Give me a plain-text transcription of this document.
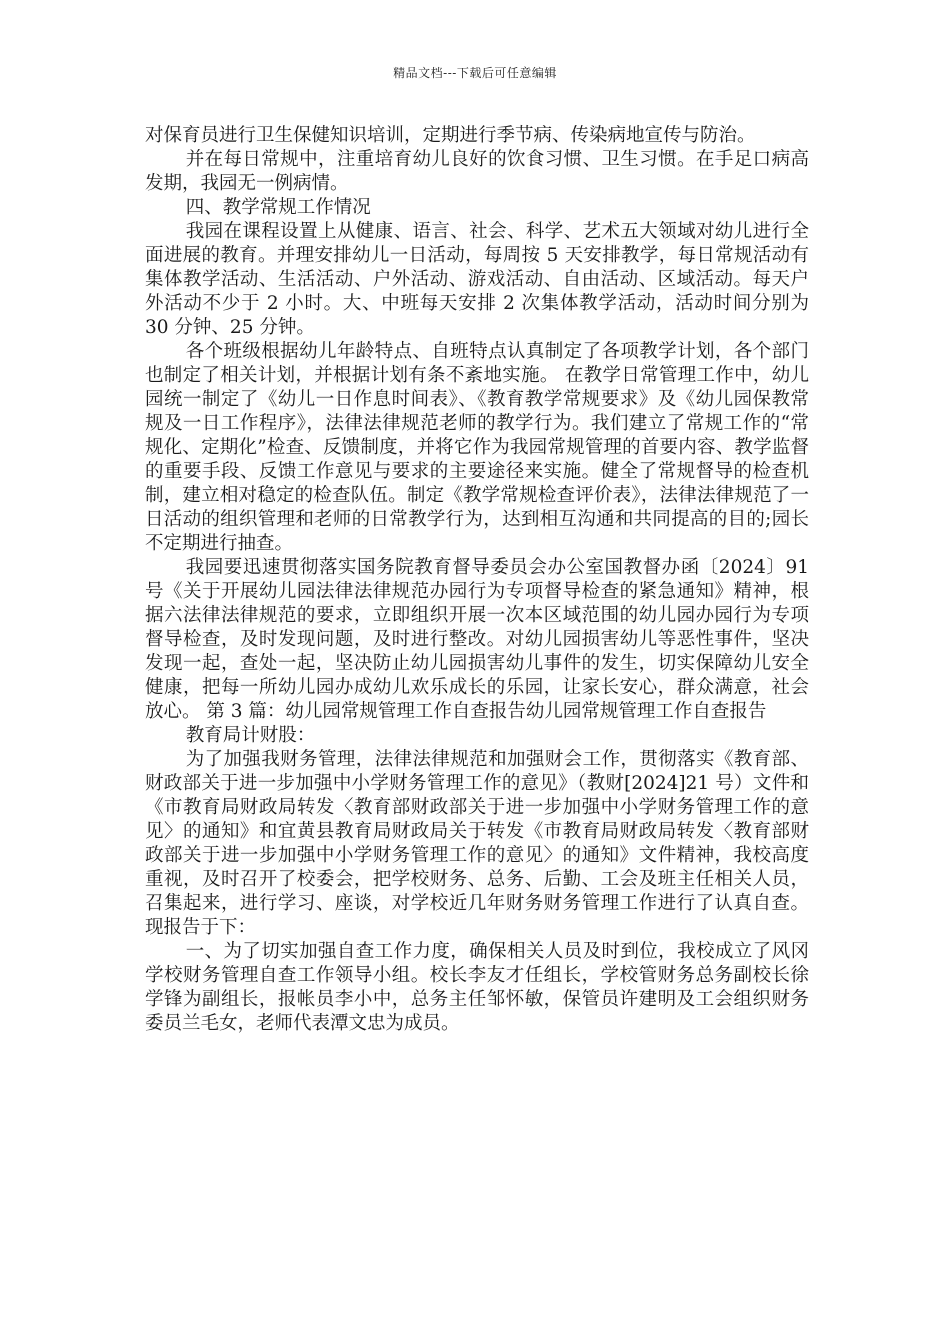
精品文档---下载后可任意编辑

对保育员进行卫生保健知识培训，定期进行季节病、传染病地宣传与防治。

并在每日常规中，注重培育幼儿良好的饮食习惯、卫生习惯。在手足口病高发期，我园无一例病情。

四、教学常规工作情况

我园在课程设置上从健康、语言、社会、科学、艺术五大领域对幼儿进行全面进展的教育。并理安排幼儿一日活动，每周按 5 天安排教学，每日常规活动有集体教学活动、生活活动、户外活动、游戏活动、自由活动、区域活动。每天户外活动不少于 2 小时。大、中班每天安排 2 次集体教学活动，活动时间分别为 30 分钟、25 分钟。

各个班级根据幼儿年龄特点、自班特点认真制定了各项教学计划，各个部门也制定了相关计划，并根据计划有条不紊地实施。 在教学日常管理工作中，幼儿园统一制定了《幼儿一日作息时间表》、《教育教学常规要求》及《幼儿园保教常规及一日工作程序》，法律法律规范老师的教学行为。我们建立了常规工作的“常规化、定期化”检查、反馈制度，并将它作为我园常规管理的首要内容、教学监督的重要手段、反馈工作意见与要求的主要途径来实施。健全了常规督导的检查机制，建立相对稳定的检查队伍。制定《教学常规检查评价表》，法律法律规范了一日活动的组织管理和老师的日常教学行为，达到相互沟通和共同提高的目的;园长不定期进行抽查。

我园要迅速贯彻落实国务院教育督导委员会办公室国教督办函〔2024〕91 号《关于开展幼儿园法律法律规范办园行为专项督导检查的紧急通知》精神，根据六法律法律规范的要求，立即组织开展一次本区域范围的幼儿园办园行为专项督导检查，及时发现问题，及时进行整改。对幼儿园损害幼儿等恶性事件，坚决发现一起，查处一起，坚决防止幼儿园损害幼儿事件的发生，切实保障幼儿安全健康，把每一所幼儿园办成幼儿欢乐成长的乐园，让家长安心，群众满意，社会放心。 第 3 篇：幼儿园常规管理工作自查报告幼儿园常规管理工作自查报告

教育局计财股：

为了加强我财务管理，法律法律规范和加强财会工作，贯彻落实《教育部、财政部关于进一步加强中小学财务管理工作的意见》（教财[2024]21 号）文件和《市教育局财政局转发〈教育部财政部关于进一步加强中小学财务管理工作的意见〉的通知》和宜黄县教育局财政局关于转发《市教育局财政局转发〈教育部财政部关于进一步加强中小学财务管理工作的意见〉的通知》文件精神，我校高度重视，及时召开了校委会，把学校财务、总务、后勤、工会及班主任相关人员，召集起来，进行学习、座谈，对学校近几年财务财务管理工作进行了认真自查。现报告于下：

一、为了切实加强自查工作力度，确保相关人员及时到位，我校成立了风冈学校财务管理自查工作领导小组。校长李友才任组长，学校管财务总务副校长徐学锋为副组长，报帐员李小中，总务主任邹怀敏，保管员许建明及工会组织财务委员兰毛女，老师代表潭文忠为成员。
